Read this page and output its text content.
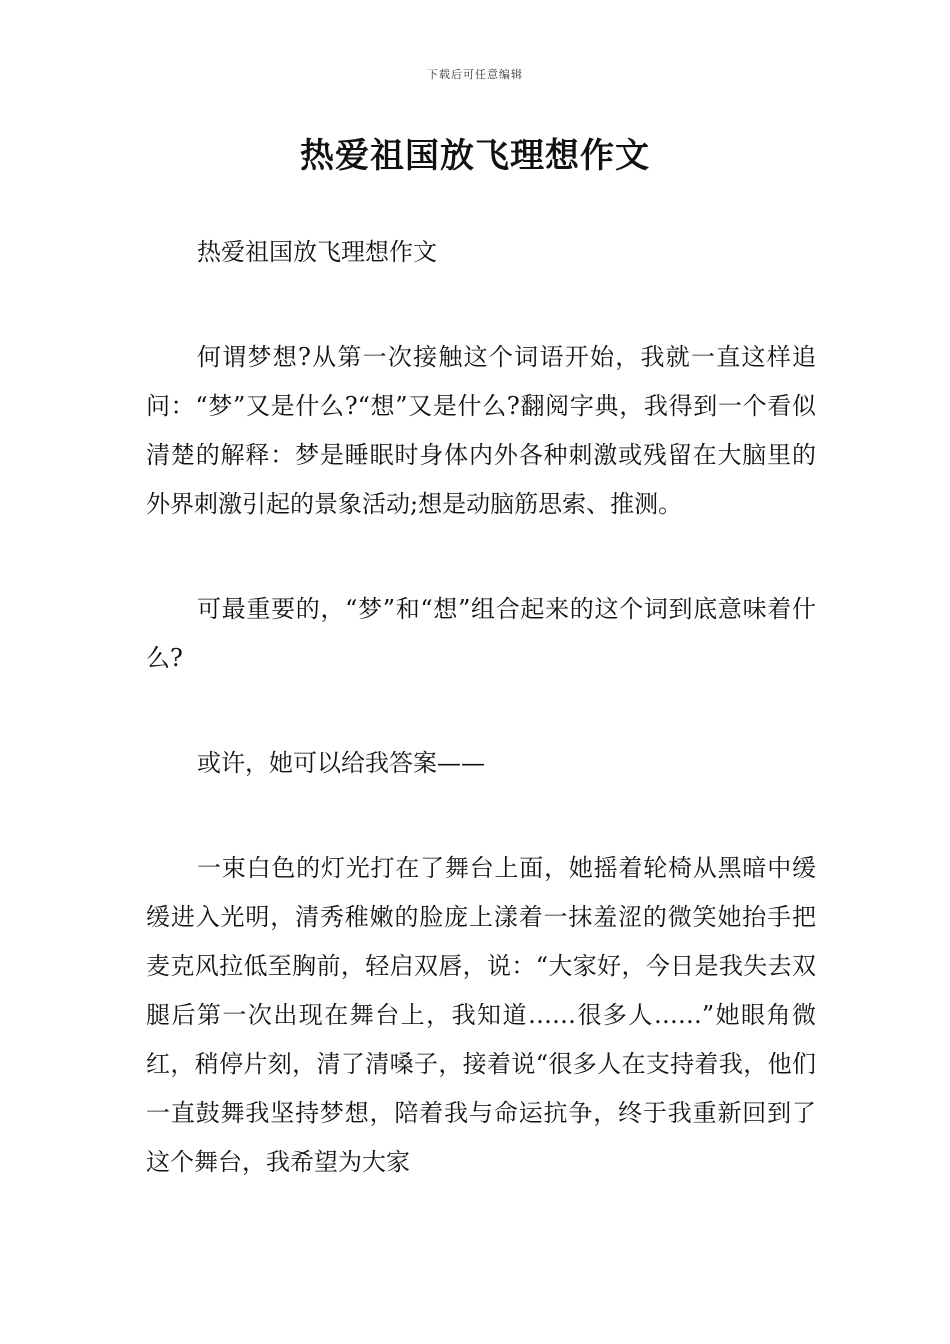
下载后可任意编辑
热爱祖国放飞理想作文

热爱祖国放飞理想作文

何谓梦想?从第一次接触这个词语开始，我就一直这样追问：“梦”又是什么?“想”又是什么?翻阅字典，我得到一个看似清楚的解释：梦是睡眠时身体内外各种刺激或残留在大脑里的外界刺激引起的景象活动;想是动脑筋思索、推测。

可最重要的，“梦”和“想”组合起来的这个词到底意味着什么?

或许，她可以给我答案——

一束白色的灯光打在了舞台上面，她摇着轮椅从黑暗中缓缓进入光明，清秀稚嫩的脸庞上漾着一抹羞涩的微笑她抬手把麦克风拉低至胸前，轻启双唇，说：“大家好，今日是我失去双腿后第一次出现在舞台上，我知道……很多人……”她眼角微红，稍停片刻，清了清嗓子，接着说“很多人在支持着我，他们一直鼓舞我坚持梦想，陪着我与命运抗争，终于我重新回到了这个舞台，我希望为大家
